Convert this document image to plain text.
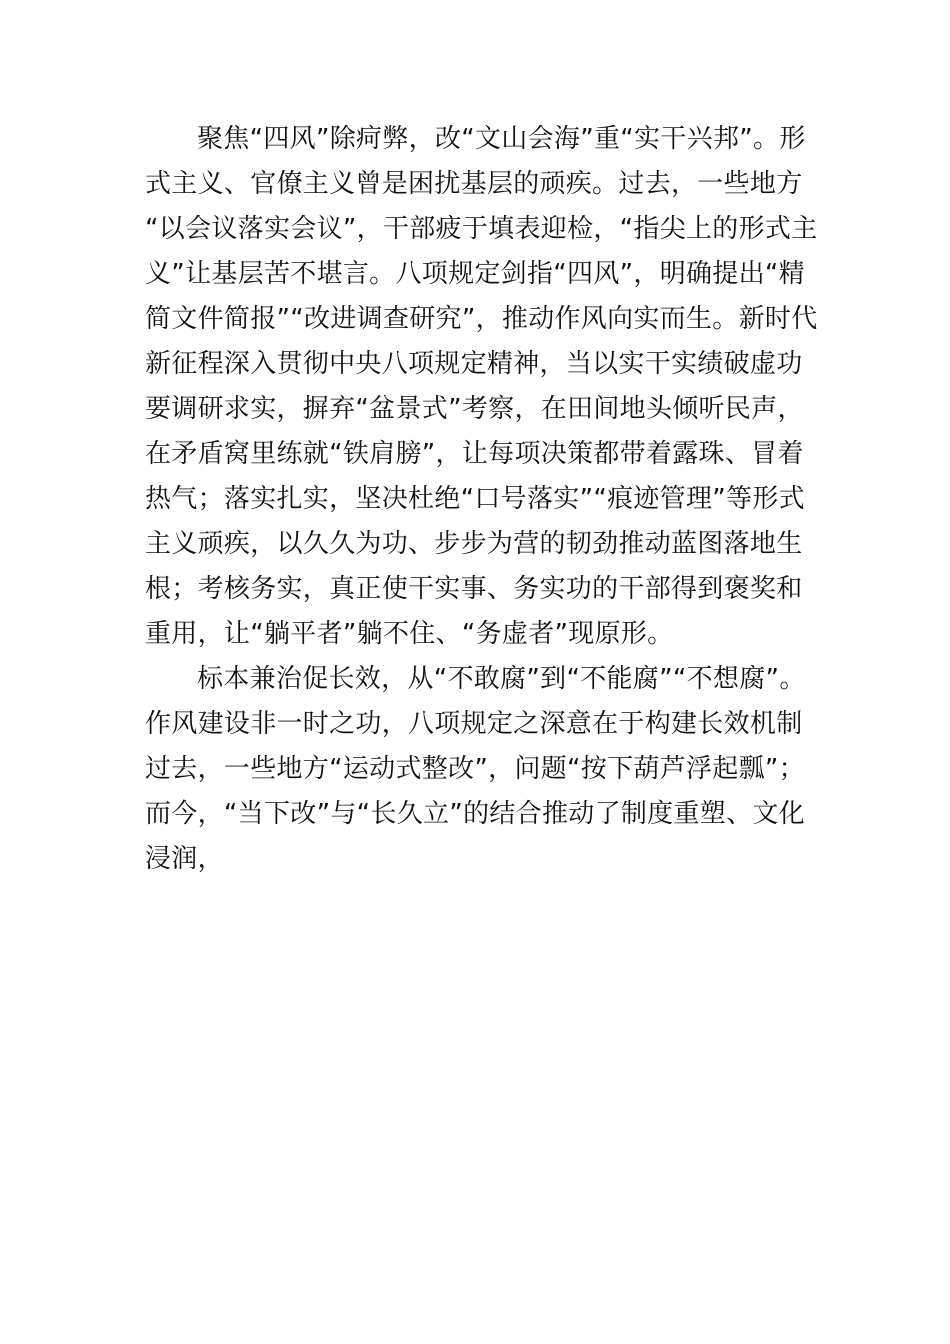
聚焦“四风”除疴弊，改“文山会海”重“实干兴邦”。形
式主义、官僚主义曾是困扰基层的顽疾。过去，一些地方
“以会议落实会议”，干部疲于填表迎检，“指尖上的形式主
义”让基层苦不堪言。八项规定剑指“四风”，明确提出“精
简文件简报”“改进调查研究”，推动作风向实而生。新时代
新征程深入贯彻中央八项规定精神，当以实干实绩破虚功
要调研求实，摒弃“盆景式”考察，在田间地头倾听民声，
在矛盾窝里练就“铁肩膀”，让每项决策都带着露珠、冒着
热气；落实扎实，坚决杜绝“口号落实”“痕迹管理”等形式
主义顽疾，以久久为功、步步为营的韧劲推动蓝图落地生
根；考核务实，真正使干实事、务实功的干部得到褒奖和
重用，让“躺平者”躺不住、“务虚者”现原形。
标本兼治促长效，从“不敢腐”到“不能腐”“不想腐”。
作风建设非一时之功，八项规定之深意在于构建长效机制
过去，一些地方“运动式整改”，问题“按下葫芦浮起瓢”；
而今，“当下改”与“长久立”的结合推动了制度重塑、文化
浸润，
